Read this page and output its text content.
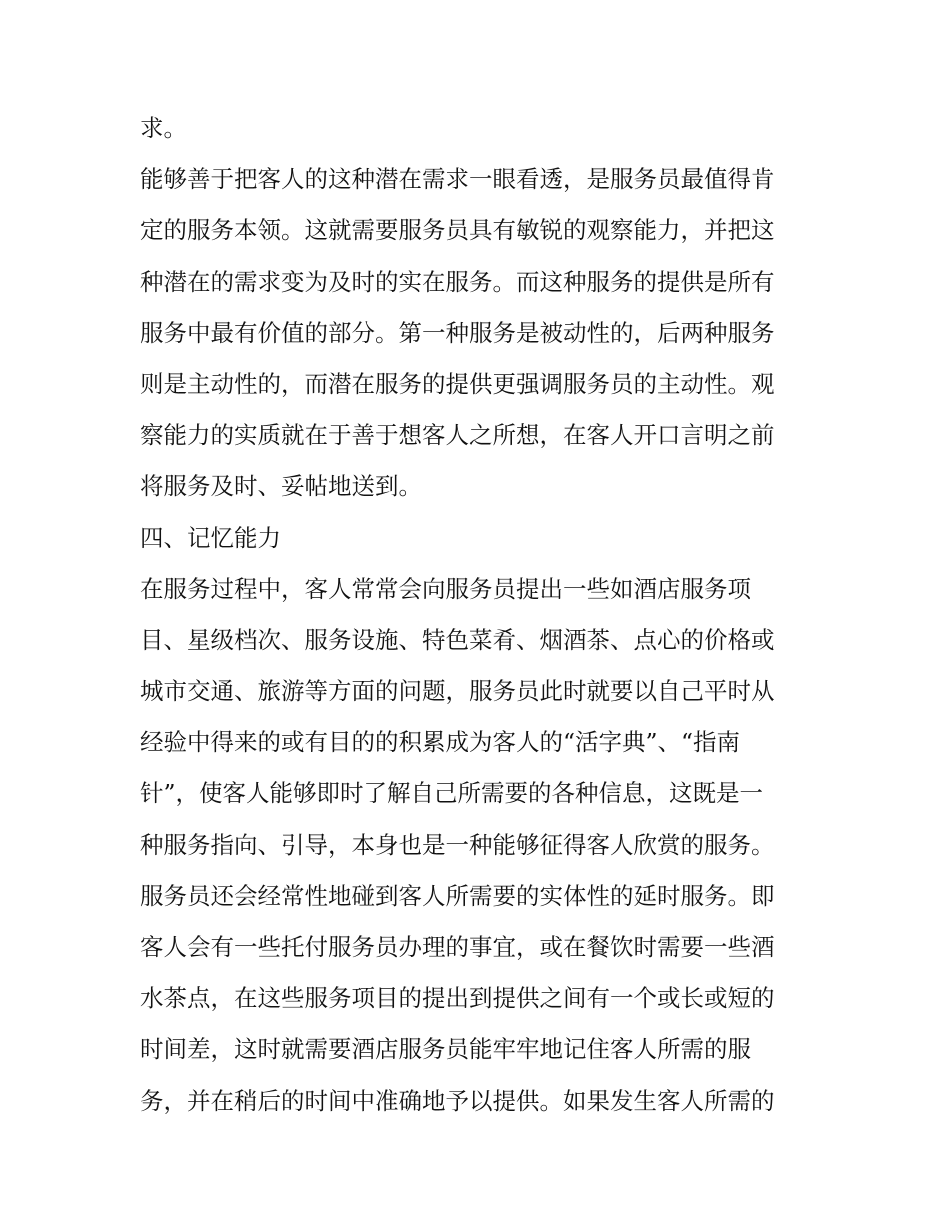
求。
能够善于把客人的这种潜在需求一眼看透，是服务员最值得肯
定的服务本领。这就需要服务员具有敏锐的观察能力，并把这
种潜在的需求变为及时的实在服务。而这种服务的提供是所有
服务中最有价值的部分。第一种服务是被动性的，后两种服务
则是主动性的，而潜在服务的提供更强调服务员的主动性。观
察能力的实质就在于善于想客人之所想，在客人开口言明之前
将服务及时、妥帖地送到。
四、记忆能力
在服务过程中，客人常常会向服务员提出一些如酒店服务项
目、星级档次、服务设施、特色菜肴、烟酒茶、点心的价格或
城市交通、旅游等方面的问题，服务员此时就要以自己平时从
经验中得来的或有目的的积累成为客人的“活字典”、“指南
针”，使客人能够即时了解自己所需要的各种信息，这既是一
种服务指向、引导，本身也是一种能够征得客人欣赏的服务。
服务员还会经常性地碰到客人所需要的实体性的延时服务。即
客人会有一些托付服务员办理的事宜，或在餐饮时需要一些酒
水茶点，在这些服务项目的提出到提供之间有一个或长或短的
时间差，这时就需要酒店服务员能牢牢地记住客人所需的服
务，并在稍后的时间中准确地予以提供。如果发生客人所需的
